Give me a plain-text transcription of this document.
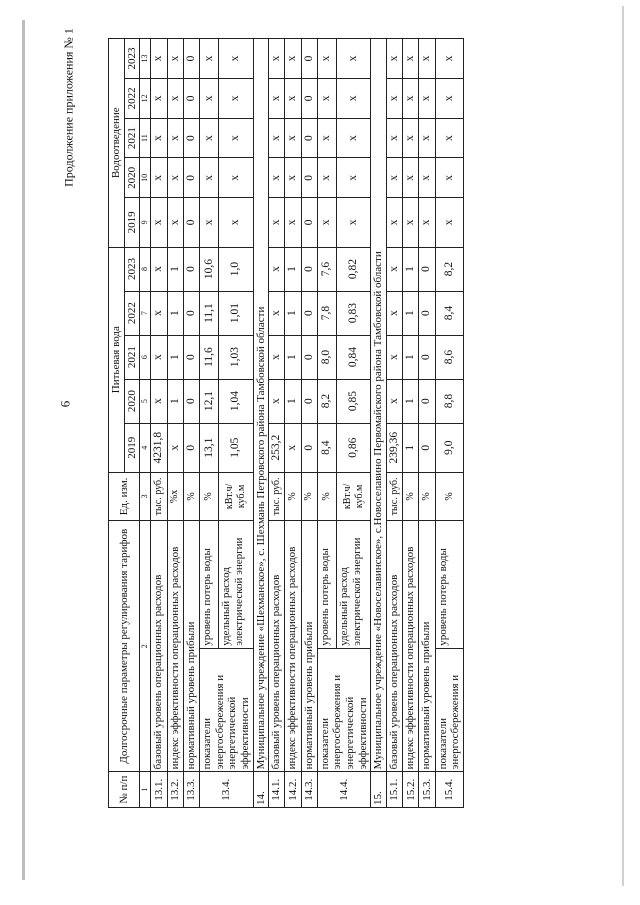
6
Продолжение приложения № 1
№ п/п	Долгосрочные параметры регулирования тарифов		Ед. изм.	Питьевая вода					Водоотведение				
				2019	2020	2021	2022	2023	2019	2020	2021	2022	2023
1	2		3	4	5	6	7	8	9	10	11	12	13
13.1.	базовый уровень операционных расходов		тыс. руб.	4231,8	х	х	х	х	х	х	х	х	х
13.2.	индекс эффективности операционных расходов		%х	х	1	1	1	1	х	х	х	х	х
13.3.	нормативный уровень прибыли		%	0	0	0	0	0	0	0	0	0	0
13.4.	показатели энергосбережения и энергетической эффективности	уровень потерь воды	%	13,1	12,1	11,6	11,1	10,6	х	х	х	х	х
		удельный расход электрической энергии	кВт.ч/куб.м	1,05	1,04	1,03	1,01	1,0	х	х	х	х	х
14.	Муниципальное учреждение «Шехманское», с. Шехмань Петровского района Тамбовской области												
14.1.	базовый уровень операционных расходов		тыс. руб.	253,2	х	х	х	х	х	х	х	х	х
14.2.	индекс эффективности операционных расходов		%	х	1	1	1	1	х	х	х	х	х
14.3.	нормативный уровень прибыли		%	0	0	0	0	0	0	0	0	0	0
14.4.	показатели энергосбережения и энергетической эффективности	уровень потерь воды	%	8,4	8,2	8,0	7,8	7,6	х	х	х	х	х
		удельный расход электрической энергии	кВт.ч/куб.м	0,86	0,85	0,84	0,83	0,82	х	х	х	х	х
15.	Муниципальное учреждение «Новоселавинское», с.Новоселавино Первомайского района Тамбовской области												
15.1.	базовый уровень операционных расходов		тыс. руб.	239,36	х	х	х	х	х	х	х	х	х
15.2.	индекс эффективности операционных расходов		%	1	1	1	1	1	х	х	х	х	х
15.3.	нормативный уровень прибыли		%	0	0	0	0	0	х	х	х	х	х
15.4.	показатели энергосбережения и	уровень потерь воды	%	9,0	8,8	8,6	8,4	8,2	х	х	х	х	х
